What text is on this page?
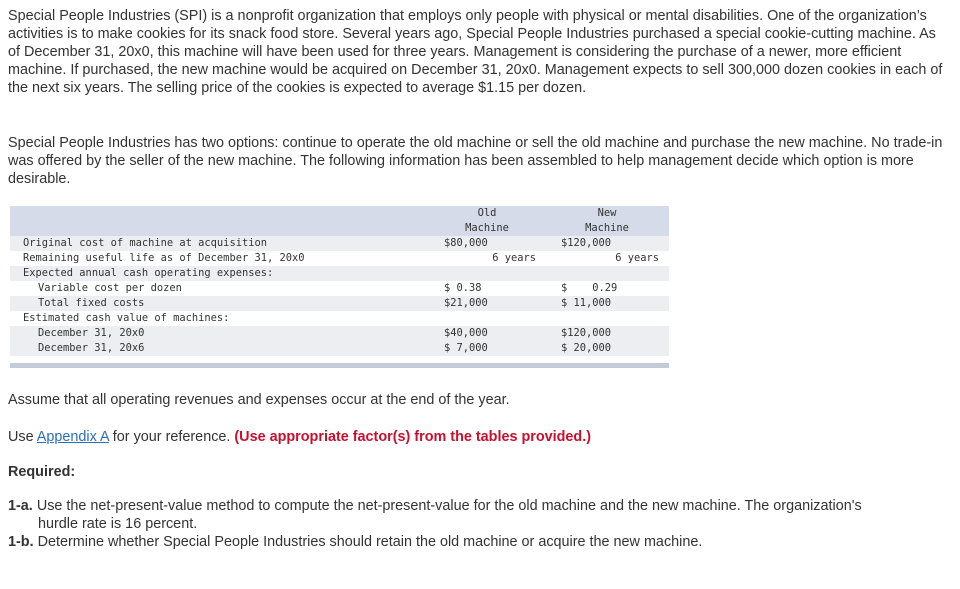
Special People Industries (SPI) is a nonprofit organization that employs only people with physical or mental disabilities. One of the organization’s activities is to make cookies for its snack food store. Several years ago, Special People Industries purchased a special cookie-cutting machine. As of December 31, 20x0, this machine will have been used for three years. Management is considering the purchase of a newer, more efficient machine. If purchased, the new machine would be acquired on December 31, 20x0. Management expects to sell 300,000 dozen cookies in each of the next six years. The selling price of the cookies is expected to average $1.15 per dozen.

Special People Industries has two options: continue to operate the old machine or sell the old machine and purchase the new machine. No trade-in was offered by the seller of the new machine. The following information has been assembled to help management decide which option is more desirable.

Old
Machine
New
Machine
Original cost of machine at acquisition	$80,000	$120,000
Remaining useful life as of December 31, 20x0	6 years	6 years
Expected annual cash operating expenses:
Variable cost per dozen	$ 0.38	$    0.29
Total fixed costs	$21,000	$ 11,000
Estimated cash value of machines:
December 31, 20x0	$40,000	$120,000
December 31, 20x6	$ 7,000	$ 20,000

Assume that all operating revenues and expenses occur at the end of the year.

Use Appendix A for your reference. (Use appropriate factor(s) from the tables provided.)

Required:

1-a. Use the net-present-value method to compute the net-present-value for the old machine and the new machine. The organization's
hurdle rate is 16 percent.
1-b. Determine whether Special People Industries should retain the old machine or acquire the new machine.
